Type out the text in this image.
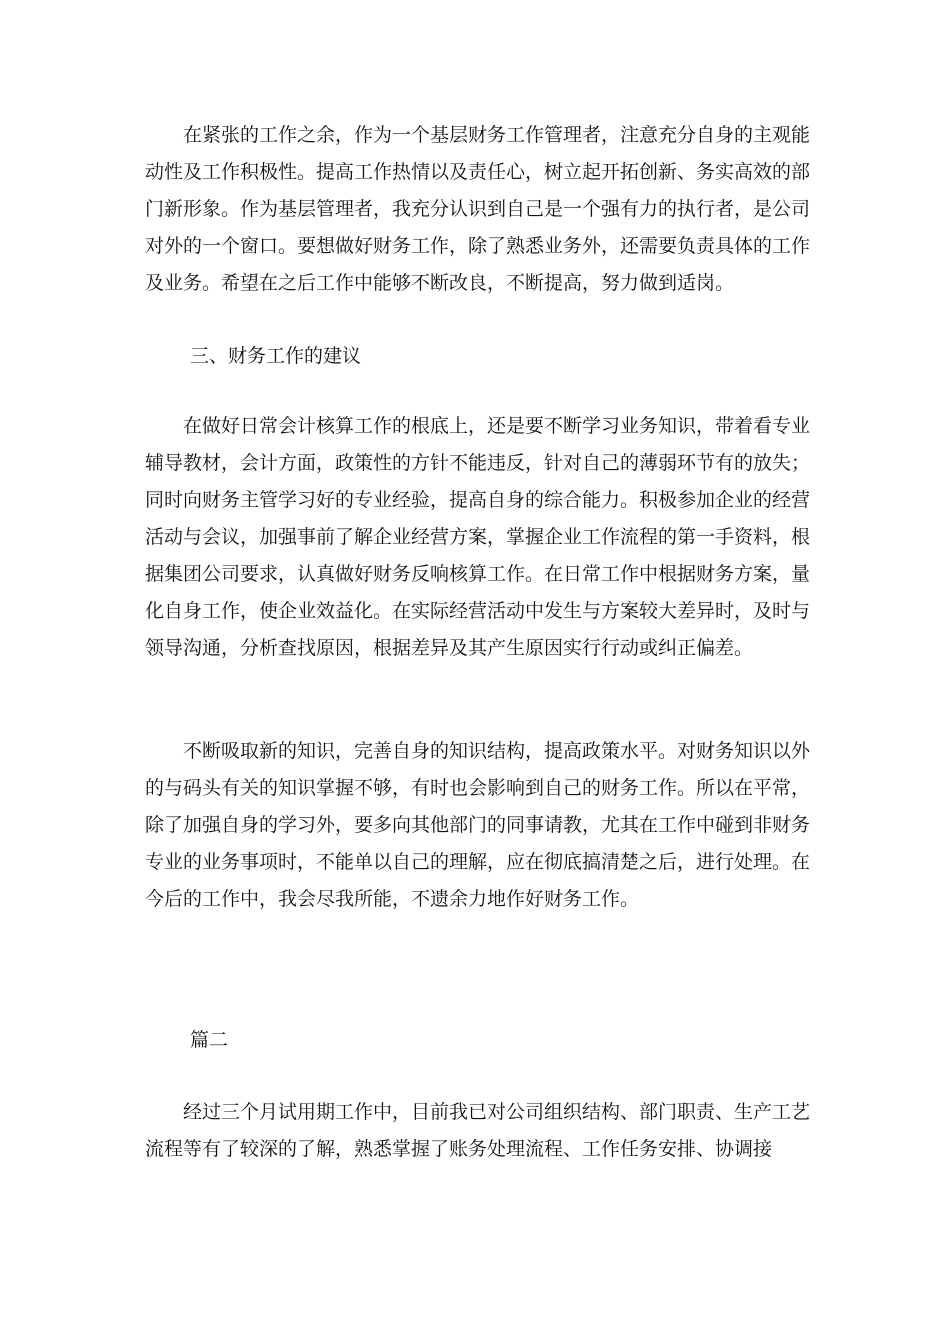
在紧张的工作之余，作为一个基层财务工作管理者，注意充分自身的主观能动性及工作积极性。提高工作热情以及责任心，树立起开拓创新、务实高效的部门新形象。作为基层管理者，我充分认识到自己是一个强有力的执行者，是公司对外的一个窗口。要想做好财务工作，除了熟悉业务外，还需要负责具体的工作及业务。希望在之后工作中能够不断改良，不断提高，努力做到适岗。

三、财务工作的建议

在做好日常会计核算工作的根底上，还是要不断学习业务知识，带着看专业辅导教材，会计方面，政策性的方针不能违反，针对自己的薄弱环节有的放失；同时向财务主管学习好的专业经验，提高自身的综合能力。积极参加企业的经营活动与会议，加强事前了解企业经营方案，掌握企业工作流程的第一手资料，根据集团公司要求，认真做好财务反响核算工作。在日常工作中根据财务方案，量化自身工作，使企业效益化。在实际经营活动中发生与方案较大差异时，及时与领导沟通，分析查找原因，根据差异及其产生原因实行行动或纠正偏差。

不断吸取新的知识，完善自身的知识结构，提高政策水平。对财务知识以外的与码头有关的知识掌握不够，有时也会影响到自己的财务工作。所以在平常，除了加强自身的学习外，要多向其他部门的同事请教，尤其在工作中碰到非财务专业的业务事项时，不能单以自己的理解，应在彻底搞清楚之后，进行处理。在今后的工作中，我会尽我所能，不遗余力地作好财务工作。

篇二

经过三个月试用期工作中，目前我已对公司组织结构、部门职责、生产工艺流程等有了较深的了解，熟悉掌握了账务处理流程、工作任务安排、协调接
